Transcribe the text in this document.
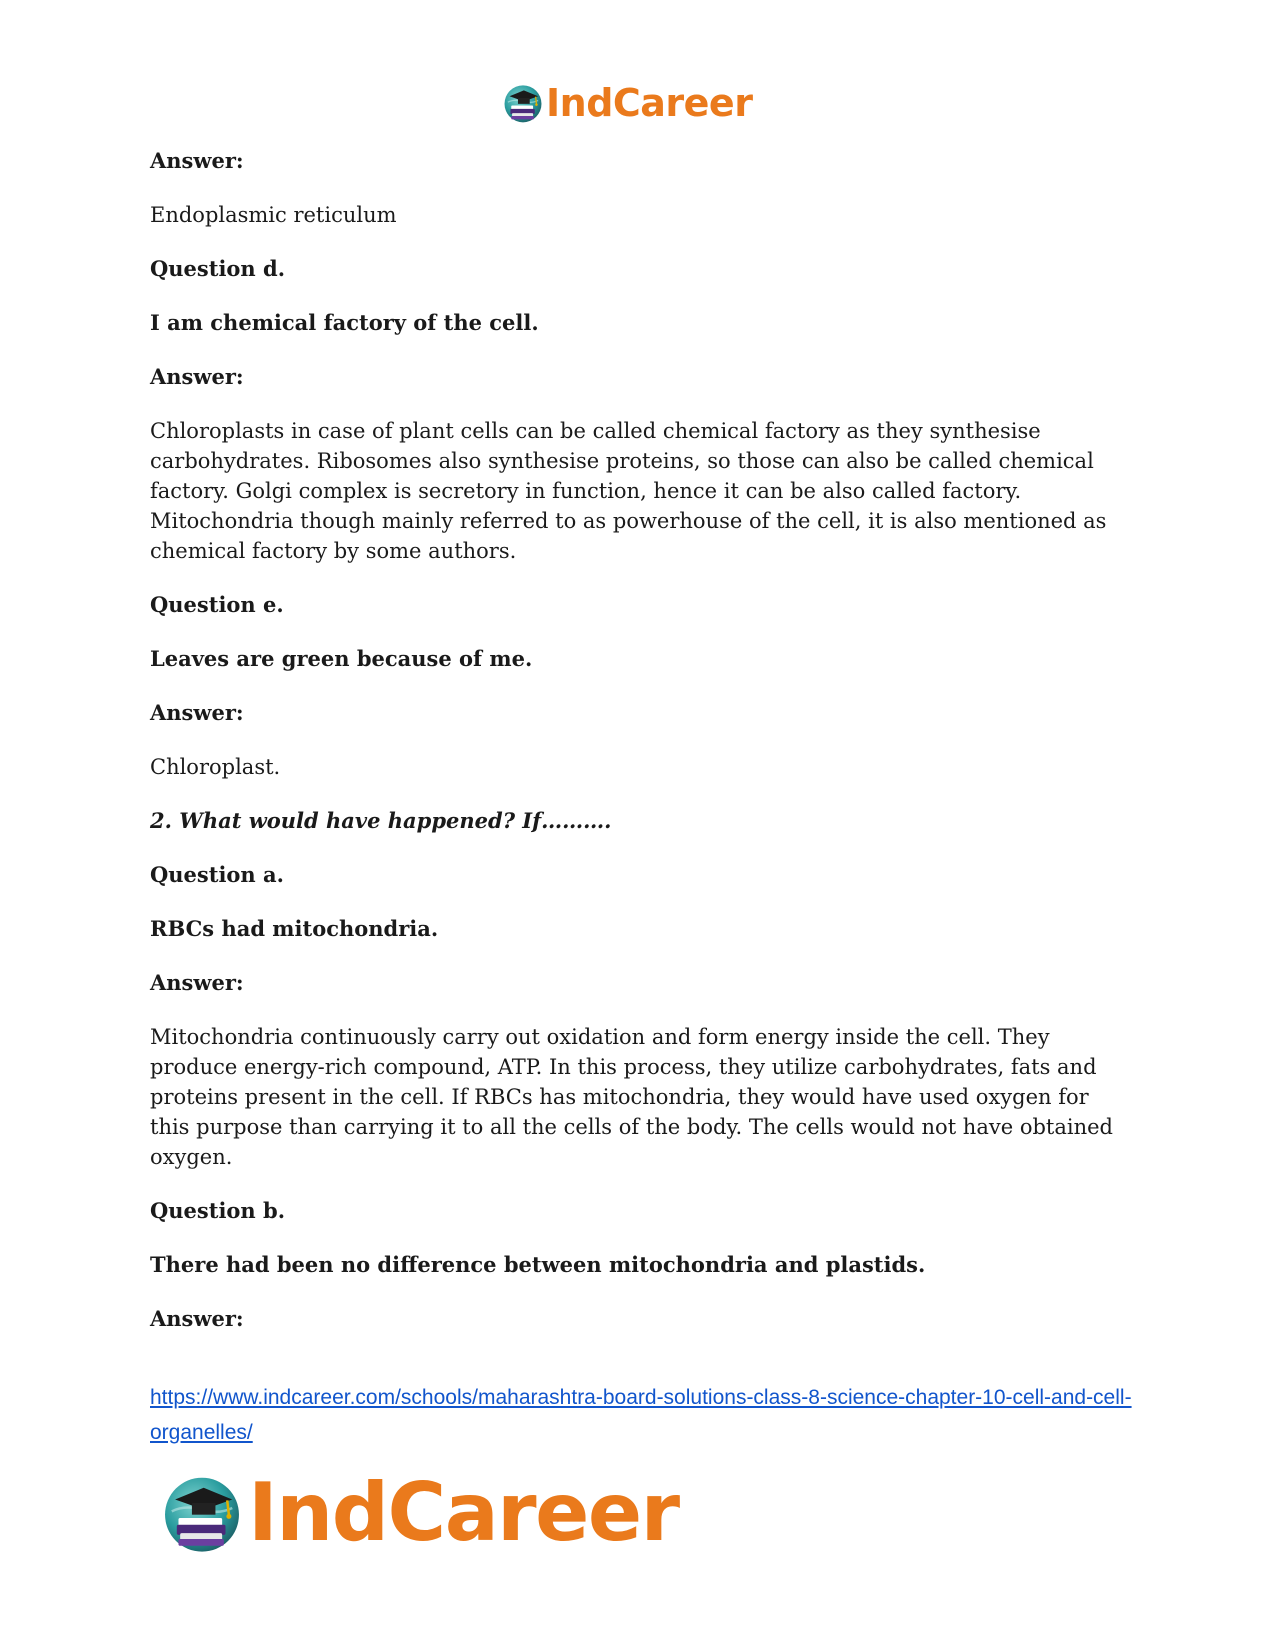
IndCareer

Answer:

Endoplasmic reticulum

Question d.

I am chemical factory of the cell.

Answer:

Chloroplasts in case of plant cells can be called chemical factory as they synthesise carbohydrates. Ribosomes also synthesise proteins, so those can also be called chemical factory. Golgi complex is secretory in function, hence it can be also called factory. Mitochondria though mainly referred to as powerhouse of the cell, it is also mentioned as chemical factory by some authors.

Question e.

Leaves are green because of me.

Answer:

Chloroplast.

2. What would have happened? If……….

Question a.

RBCs had mitochondria.

Answer:

Mitochondria continuously carry out oxidation and form energy inside the cell. They produce energy-rich compound, ATP. In this process, they utilize carbohydrates, fats and proteins present in the cell. If RBCs has mitochondria, they would have used oxygen for this purpose than carrying it to all the cells of the body. The cells would not have obtained oxygen.

Question b.

There had been no difference between mitochondria and plastids.

Answer:

https://www.indcareer.com/schools/maharashtra-board-solutions-class-8-science-chapter-10-cell-and-cell-organelles/
IndCareer
